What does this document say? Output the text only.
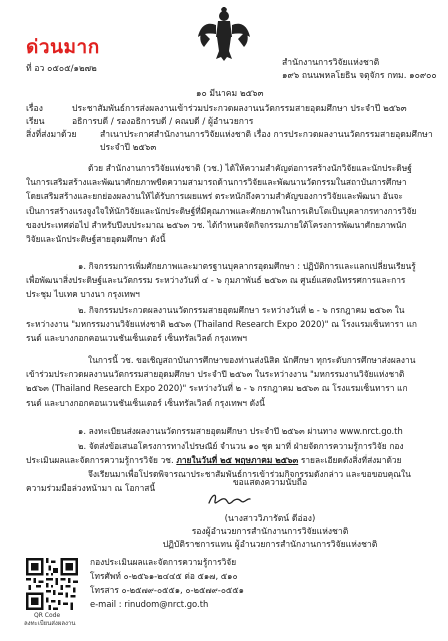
ด่วนมาก
ที่ อว ๐๕๐๕/๑๒๗๒
สำนักงานการวิจัยแห่งชาติ
๑๙๖ ถนนพหลโยธิน จตุจักร กทม. ๑๐๙๐๐
๑๐ มีนาคม ๒๕๖๓
เรื่อง	ประชาสัมพันธ์การส่งผลงานเข้าร่วมประกวดผลงานนวัตกรรมสายอุดมศึกษา ประจำปี ๒๕๖๓
เรียน	อธิการบดี / รองอธิการบดี / คณบดี / ผู้อำนวยการ
สิ่งที่ส่งมาด้วย	สำเนาประกาศสำนักงานการวิจัยแห่งชาติ เรื่อง การประกวดผลงานนวัตกรรมสายอุดมศึกษา
ประจำปี ๒๕๖๓
ด้วย สำนักงานการวิจัยแห่งชาติ (วช.) ได้ให้ความสำคัญต่อการสร้างนักวิจัยและนักประดิษฐ์ในการเสริมสร้างและพัฒนาศักยภาพขีดความสามารถด้านการวิจัยและพัฒนานวัตกรรมในสถาบันการศึกษา โดยเสริมสร้างและยกย่องผลงานให้ได้รับการเผยแพร่ ตระหนักถึงความสำคัญของการวิจัยและพัฒนา อันจะเป็นการสร้างแรงจูงใจให้นักวิจัยและนักประดิษฐ์ที่มีคุณภาพและศักยภาพในการเติบโตเป็นบุคลากรทางการวิจัยของประเทศต่อไป สำหรับปีงบประมาณ ๒๕๖๓ วช. ได้กำหนดจัดกิจกรรมภายใต้โครงการพัฒนาศักยภาพนักวิจัยและนักประดิษฐ์สายอุดมศึกษา ดังนี้
๑. กิจกรรมการเพิ่มศักยภาพและมาตรฐานบุคลากรอุดมศึกษา : ปฏิบัติการและแลกเปลี่ยนเรียนรู้เพื่อพัฒนาสิ่งประดิษฐ์และนวัตกรรม ระหว่างวันที่ ๔ - ๖ กุมภาพันธ์ ๒๕๖๓ ณ ศูนย์แสดงนิทรรศการและการประชุม ไบเทค บางนา กรุงเทพฯ
๒. กิจกรรมประกวดผลงานนวัตกรรมสายอุดมศึกษา ระหว่างวันที่ ๒ - ๖ กรกฎาคม ๒๕๖๓ ในระหว่างงาน "มหกรรมงานวิจัยแห่งชาติ ๒๕๖๓ (Thailand Research Expo 2020)" ณ โรงแรมเซ็นทารา แกรนด์ และบางกอกคอนเวนชันเซ็นเตอร์ เซ็นทรัลเวิลด์ กรุงเทพฯ
ในการนี้ วช. ขอเชิญสถาบันการศึกษาของท่านส่งนิสิต นักศึกษา ทุกระดับการศึกษาส่งผลงานเข้าร่วมประกวดผลงานนวัตกรรมสายอุดมศึกษา ประจำปี ๒๕๖๓ ในระหว่างงาน "มหกรรมงานวิจัยแห่งชาติ ๒๕๖๓ (Thailand Research Expo 2020)" ระหว่างวันที่ ๒ - ๖ กรกฎาคม ๒๕๖๓ ณ โรงแรมเซ็นทารา แกรนด์ และบางกอกคอนเวนชันเซ็นเตอร์ เซ็นทรัลเวิลด์ กรุงเทพฯ ดังนี้
๑. ลงทะเบียนส่งผลงานนวัตกรรมสายอุดมศึกษา ประจำปี ๒๕๖๓ ผ่านทาง www.nrct.go.th
๒. จัดส่งข้อเสนอโครงการทางไปรษณีย์ จำนวน ๑๐ ชุด มาที่ ฝ่ายจัดการความรู้การวิจัย กองประเมินผลและจัดการความรู้การวิจัย วช. ภายในวันที่ ๒๕ พฤษภาคม ๒๕๖๓ รายละเอียดดังสิ่งที่ส่งมาด้วย
จึงเรียนมาเพื่อโปรดพิจารณาประชาสัมพันธ์การเข้าร่วมกิจกรรมดังกล่าว และขอขอบคุณในความร่วมมือล่วงหน้ามา ณ โอกาสนี้
ขอแสดงความนับถือ
(นางสาววิภารัตน์ ดีอ่อง)
รองผู้อำนวยการสำนักงานการวิจัยแห่งชาติ
ปฏิบัติราชการแทน ผู้อำนวยการสำนักงานการวิจัยแห่งชาติ
กองประเมินผลและจัดการความรู้การวิจัย
โทรศัพท์ ๐-๒๕๖๑-๒๔๔๕ ต่อ ๕๑๗, ๕๑๐
โทรสาร ๐-๒๕๗๙-๐๕๕๑, ๐-๒๕๗๙-๐๕๕๑
e-mail : rinudom@nrct.go.th
QR Code
ลงทะเบียนส่งผลงาน
